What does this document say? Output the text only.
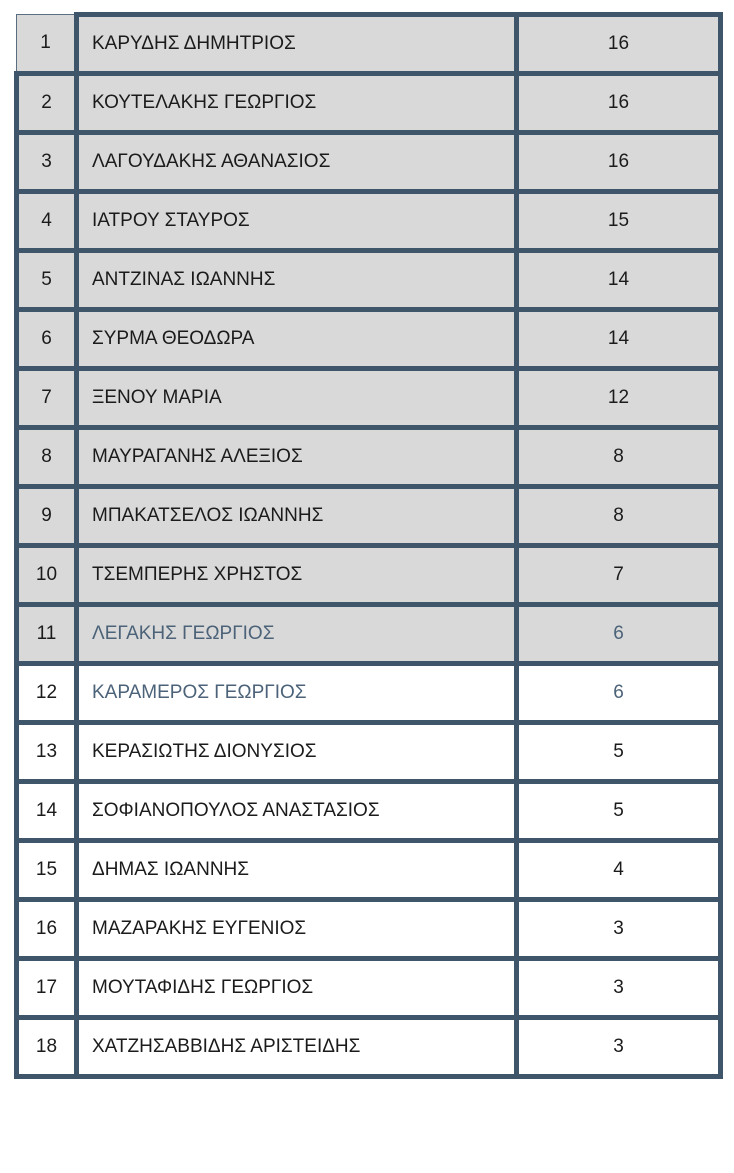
1	ΚΑΡΥΔΗΣ ΔΗΜΗΤΡΙΟΣ	16
2	ΚΟΥΤΕΛΑΚΗΣ ΓΕΩΡΓΙΟΣ	16
3	ΛΑΓΟΥΔΑΚΗΣ ΑΘΑΝΑΣΙΟΣ	16
4	ΙΑΤΡΟΥ ΣΤΑΥΡΟΣ	15
5	ΑΝΤΖΙΝΑΣ ΙΩΑΝΝΗΣ	14
6	ΣΥΡΜΑ ΘΕΟΔΩΡΑ	14
7	ΞΕΝΟΥ ΜΑΡΙΑ	12
8	ΜΑΥΡΑΓΑΝΗΣ ΑΛΕΞΙΟΣ	8
9	ΜΠΑΚΑΤΣΕΛΟΣ ΙΩΑΝΝΗΣ	8
10	ΤΣΕΜΠΕΡΗΣ ΧΡΗΣΤΟΣ	7
11	ΛΕΓΑΚΗΣ ΓΕΩΡΓΙΟΣ	6
12	ΚΑΡΑΜΕΡΟΣ ΓΕΩΡΓΙΟΣ	6
13	ΚΕΡΑΣΙΩΤΗΣ ΔΙΟΝΥΣΙΟΣ	5
14	ΣΟΦΙΑΝΟΠΟΥΛΟΣ ΑΝΑΣΤΑΣΙΟΣ	5
15	ΔΗΜΑΣ ΙΩΑΝΝΗΣ	4
16	ΜΑΖΑΡΑΚΗΣ ΕΥΓΕΝΙΟΣ	3
17	ΜΟΥΤΑΦΙΔΗΣ ΓΕΩΡΓΙΟΣ	3
18	ΧΑΤΖΗΣΑΒΒΙΔΗΣ ΑΡΙΣΤΕΙΔΗΣ	3
